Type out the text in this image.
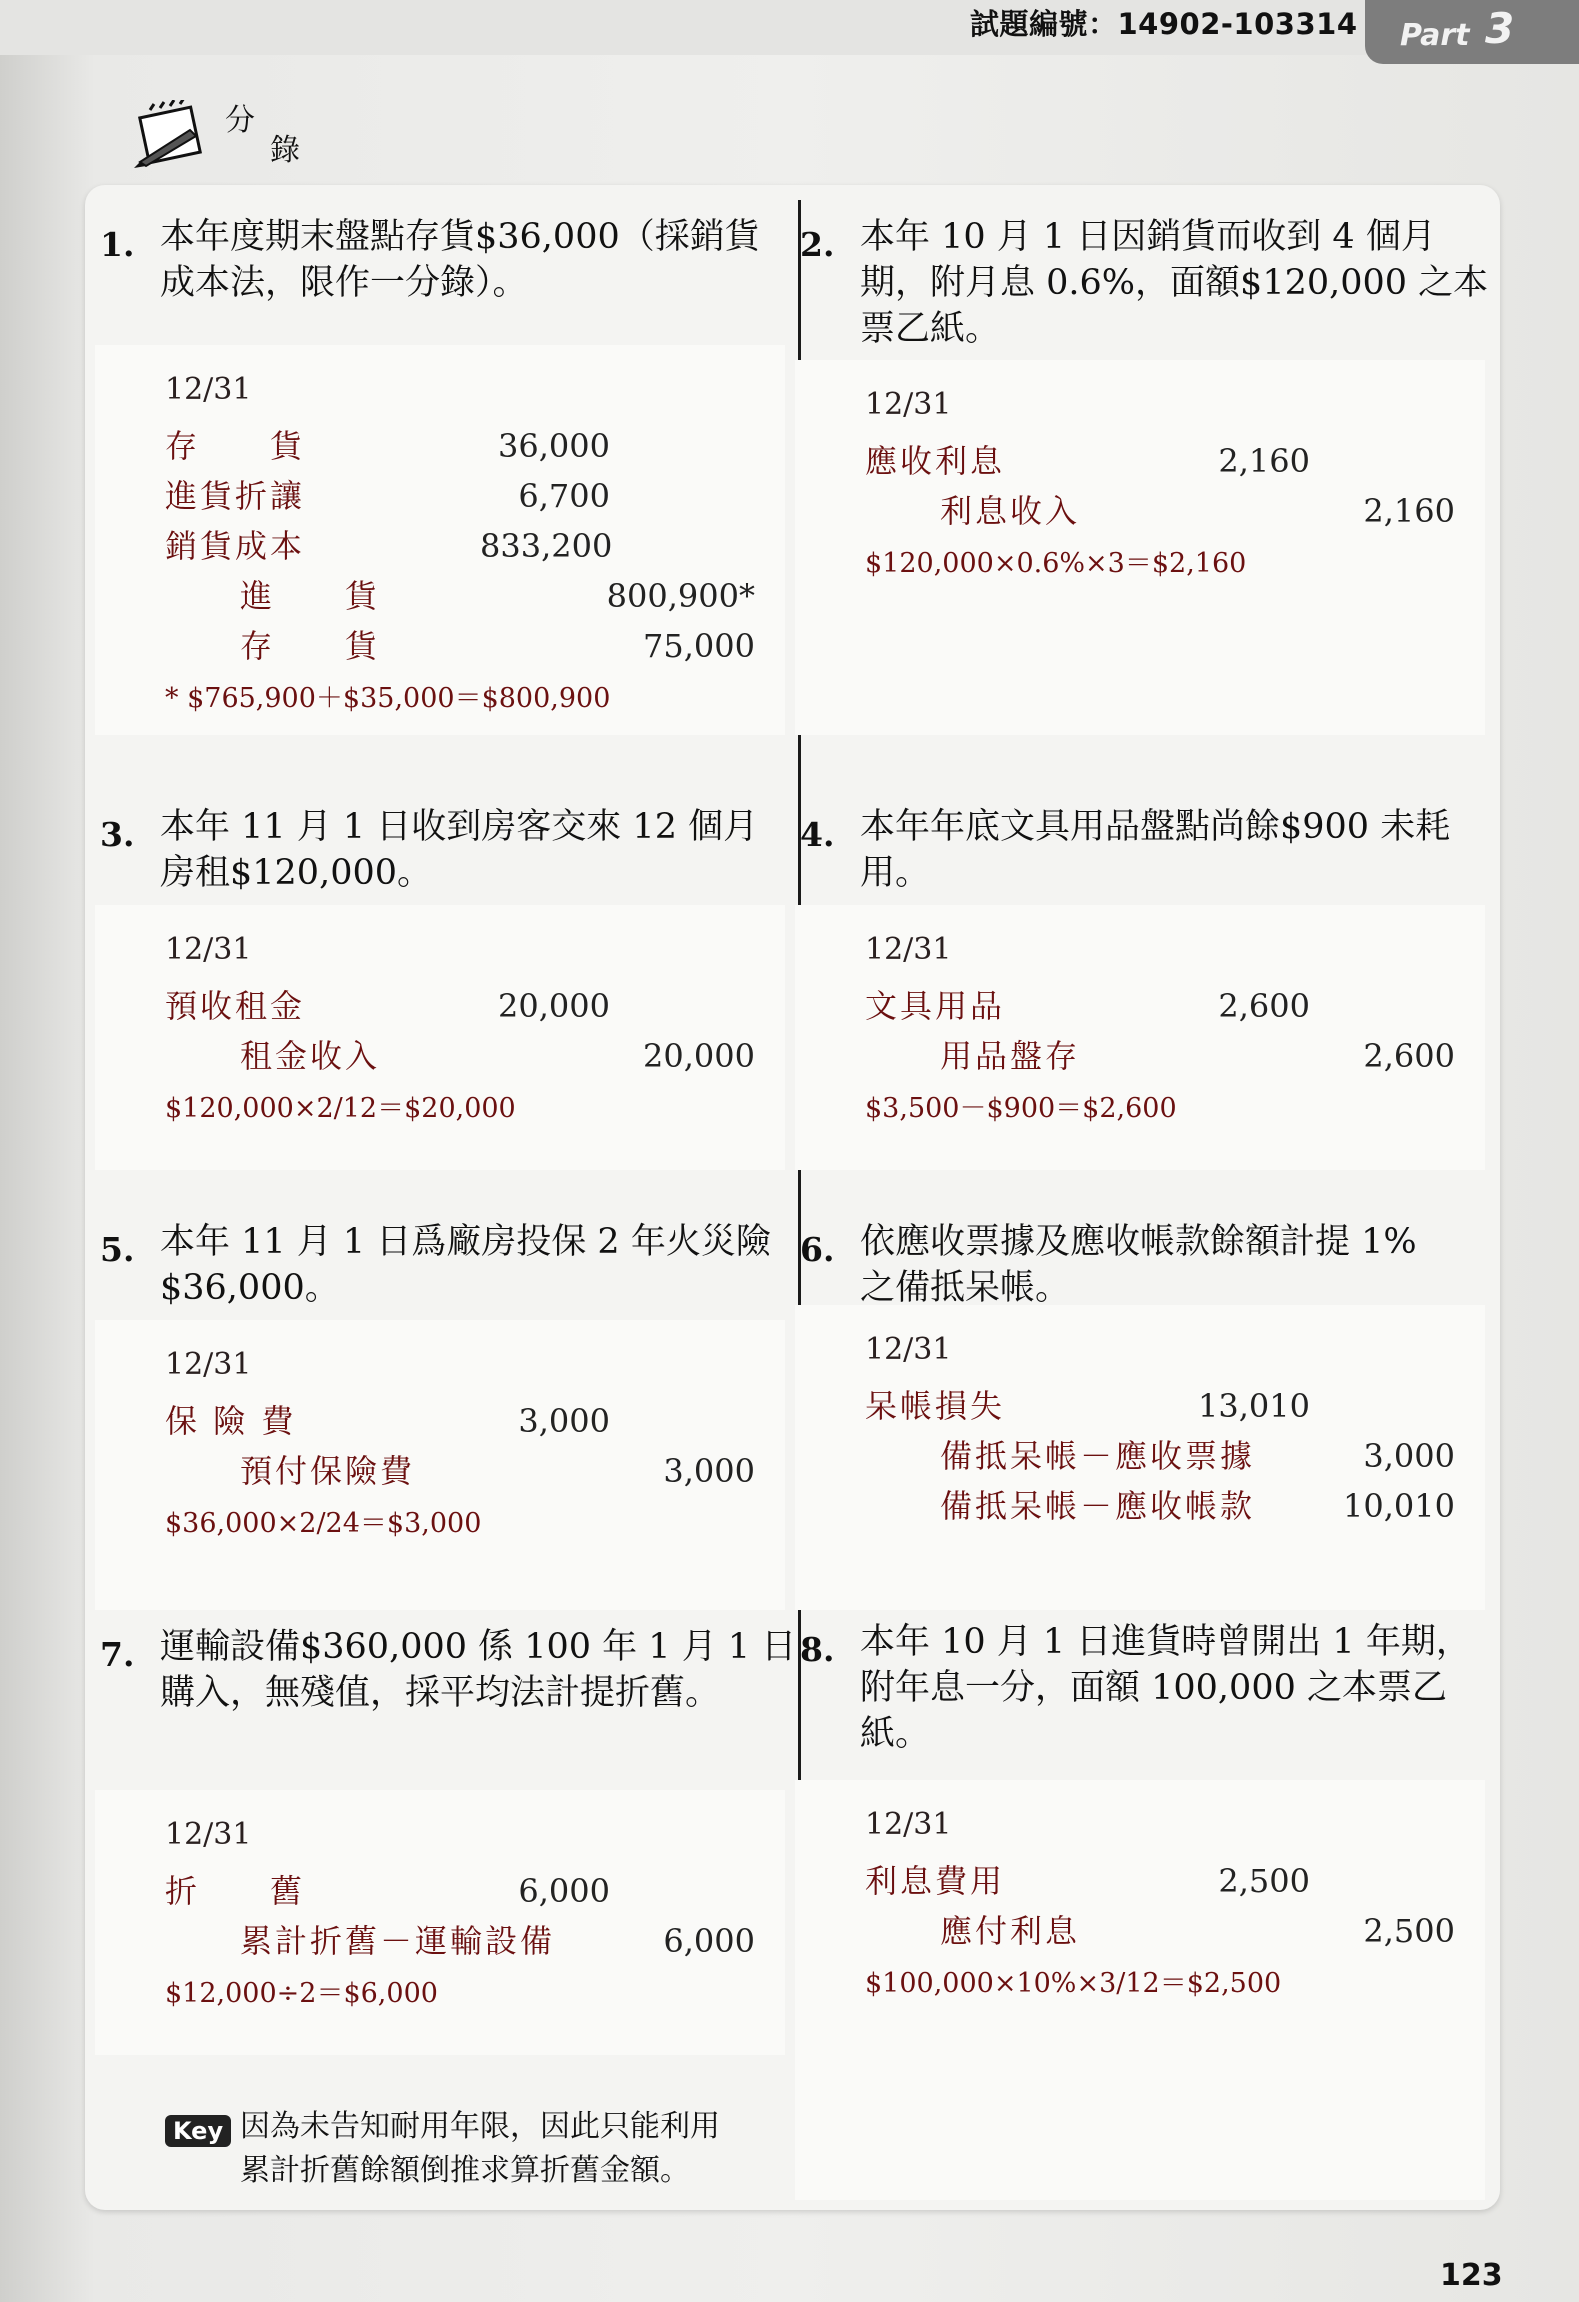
試題編號：14902-103314 Part 3
分
錄
1. 本年度期末盤點存貨$36,000（採銷貨
成本法，限作一分錄）。
12/31
存　　貨	36,000
進貨折讓	6,700
銷貨成本	833,200
進　　貨	800,900*
存　　貨	75,000
* $765,900＋$35,000＝$800,900
2. 本年 10 月 1 日因銷貨而收到 4 個月
期，附月息 0.6%，面額$120,000 之本
票乙紙。
12/31
應收利息	2,160
利息收入	2,160
$120,000×0.6%×3＝$2,160
3. 本年 11 月 1 日收到房客交來 12 個月
房租$120,000。
12/31
預收租金	20,000
租金收入	20,000
$120,000×2/12＝$20,000
4. 本年年底文具用品盤點尚餘$900 未耗
用。
12/31
文具用品	2,600
用品盤存	2,600
$3,500－$900＝$2,600
5. 本年 11 月 1 日爲廠房投保 2 年火災險
$36,000。
12/31
保 險 費	3,000
預付保險費	3,000
$36,000×2/24＝$3,000
6. 依應收票據及應收帳款餘額計提 1%
之備抵呆帳。
12/31
呆帳損失	13,010
備抵呆帳－應收票據	3,000
備抵呆帳－應收帳款	10,010
7. 運輸設備$360,000 係 100 年 1 月 1 日
購入，無殘值，採平均法計提折舊。
12/31
折　　舊	6,000
累計折舊－運輸設備	6,000
$12,000÷2＝$6,000
Key 因為未告知耐用年限，因此只能利用
累計折舊餘額倒推求算折舊金額。
8. 本年 10 月 1 日進貨時曾開出 1 年期，
附年息一分，面額 100,000 之本票乙
紙。
12/31
利息費用	2,500
應付利息	2,500
$100,000×10%×3/12＝$2,500
123
